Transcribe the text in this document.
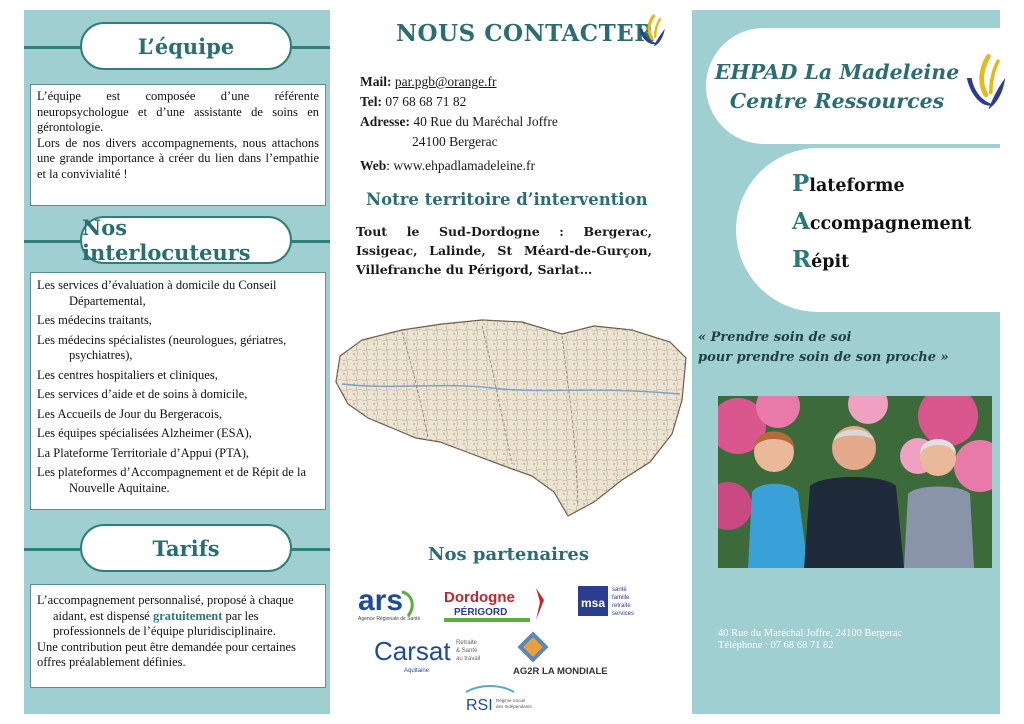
L’équipe

L’équipe est composée d’une référente neuropsychologue et d’une assistante de soins en gérontologie.

Lors de nos divers accompagnements, nous attachons une grande importance à créer du lien dans l’empathie et la convivialité !

Nos interlocuteurs
Les services d’évaluation à domicile du Conseil Départemental,
Les médecins traitants,
Les médecins spécialistes (neurologues, gériatres, psychiatres),
Les centres hospitaliers et cliniques,
Les services d’aide et de soins à domicile,
Les Accueils de Jour du Bergeracois,
Les équipes spécialisées Alzheimer (ESA),
La Plateforme Territoriale d’Appui (PTA),
Les plateformes d’Accompagnement et de Répit de la Nouvelle Aquitaine.
Tarifs
L’accompagnement personnalisé, proposé à chaque aidant, est dispensé gratuitement par les professionnels de l’équipe pluridisciplinaire.
Une contribution peut être demandée pour certaines offres préalablement définies.
NOUS CONTACTER
Mail: par.pgb@orange.fr
Tel: 07 68 68 71 82
Adresse: 40 Rue du Maréchal Joffre
24100 Bergerac
Web: www.ehpadlamadeleine.fr
Notre territoire d’intervention
Tout le Sud-Dordogne : Bergerac, Issigeac, Lalinde, St Méard-de-Gurçon, Villefranche du Périgord, Sarlat…
Nos partenaires
ars
Agence Régionale de Santé
Dordogne
PÉRIGORD
msa
santé
famille
retraite
services
Carsat
Aquitaine
Retraite
& Santé
au travail
AG2R LA MONDIALE
RSI Régime Social
des Indépendants
EHPAD La Madeleine
Centre Ressources
Plateforme
Accompagnement
Répit
« Prendre soin de soi
pour prendre soin de son proche »
40 Rue du Maréchal Joffre, 24100 Bergerac
Téléphone : 07 68 68 71 82
